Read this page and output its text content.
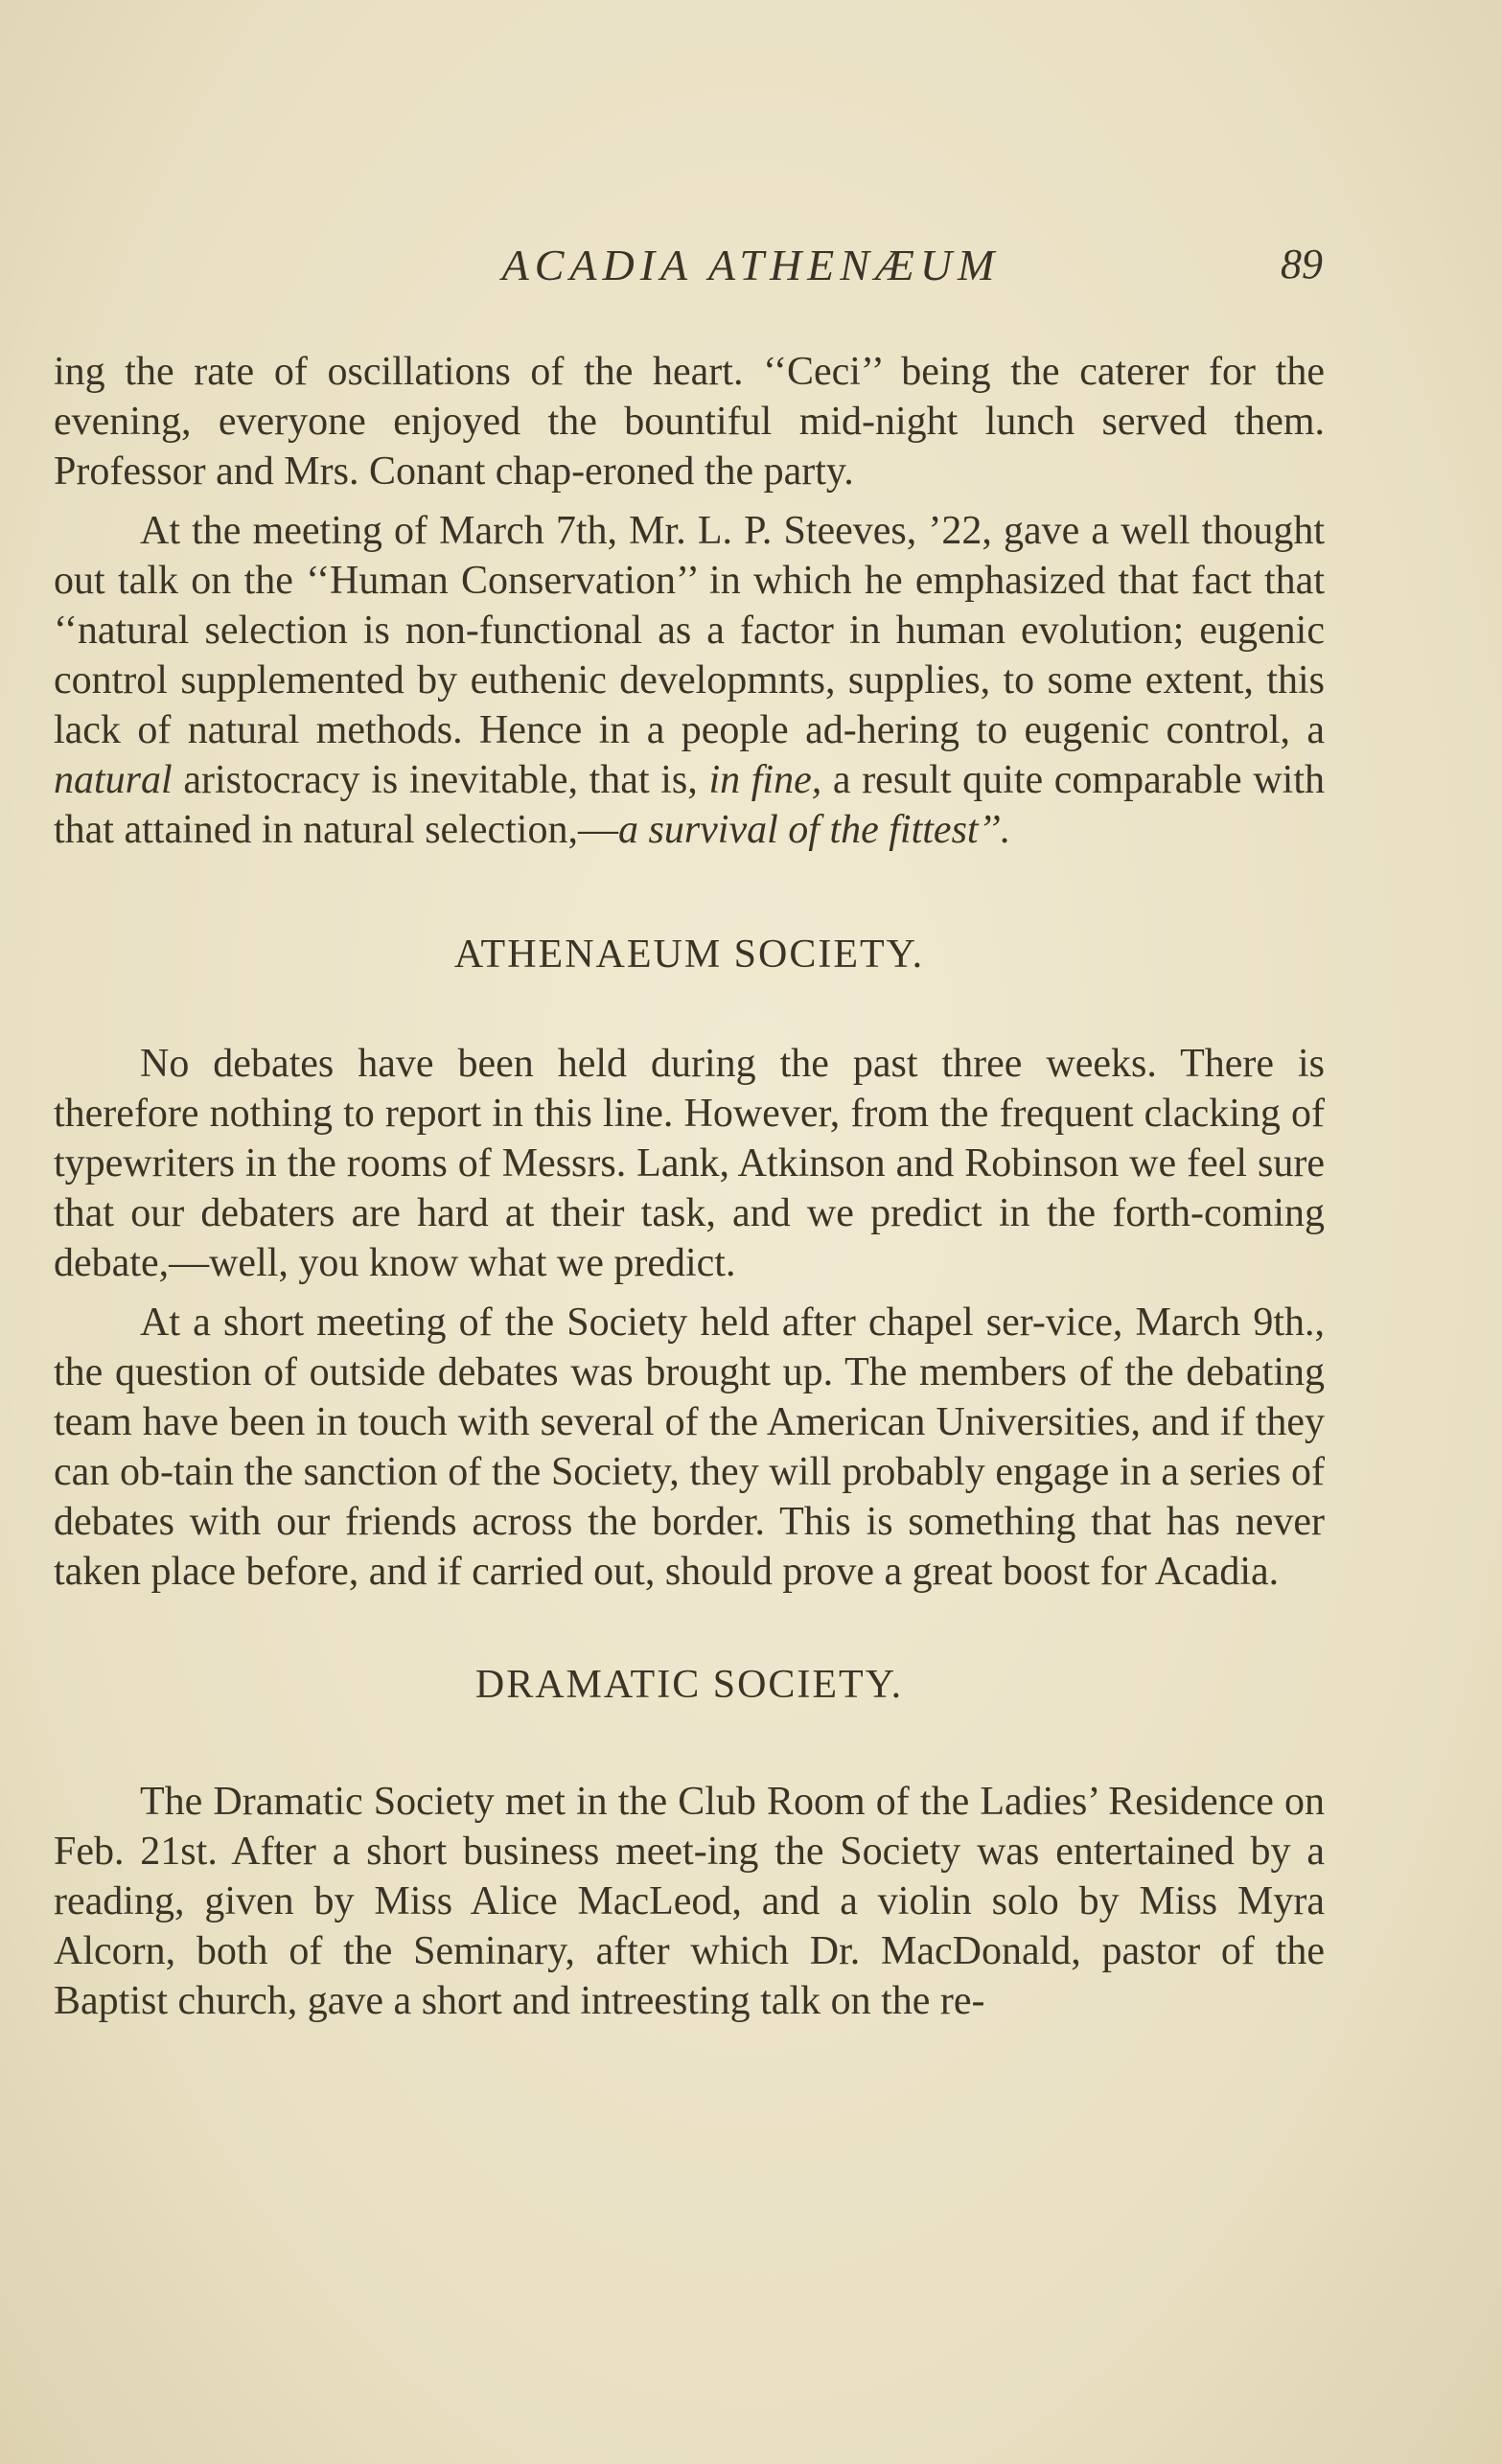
ACADIA ATHENÆUM	89

ing the rate of oscillations of the heart. ‘‘Ceci’’ being the caterer for the evening, everyone enjoyed the bountiful mid-night lunch served them. Professor and Mrs. Conant chap-eroned the party.

At the meeting of March 7th, Mr. L. P. Steeves, ’22, gave a well thought out talk on the ‘‘Human Conservation’’ in which he emphasized that fact that ‘‘natural selection is non-functional as a factor in human evolution; eugenic control supplemented by euthenic developmnts, supplies, to some extent, this lack of natural methods. Hence in a people ad-hering to eugenic control, a natural aristocracy is inevitable, that is, in fine, a result quite comparable with that attained in natural selection,—a survival of the fittest’’.

ATHENAEUM SOCIETY.

No debates have been held during the past three weeks. There is therefore nothing to report in this line. However, from the frequent clacking of typewriters in the rooms of Messrs. Lank, Atkinson and Robinson we feel sure that our debaters are hard at their task, and we predict in the forth-coming debate,—well, you know what we predict.

At a short meeting of the Society held after chapel ser-vice, March 9th., the question of outside debates was brought up. The members of the debating team have been in touch with several of the American Universities, and if they can ob-tain the sanction of the Society, they will probably engage in a series of debates with our friends across the border. This is something that has never taken place before, and if carried out, should prove a great boost for Acadia.

DRAMATIC SOCIETY.

The Dramatic Society met in the Club Room of the Ladies’ Residence on Feb. 21st. After a short business meet-ing the Society was entertained by a reading, given by Miss Alice MacLeod, and a violin solo by Miss Myra Alcorn, both of the Seminary, after which Dr. MacDonald, pastor of the Baptist church, gave a short and intreesting talk on the re-
